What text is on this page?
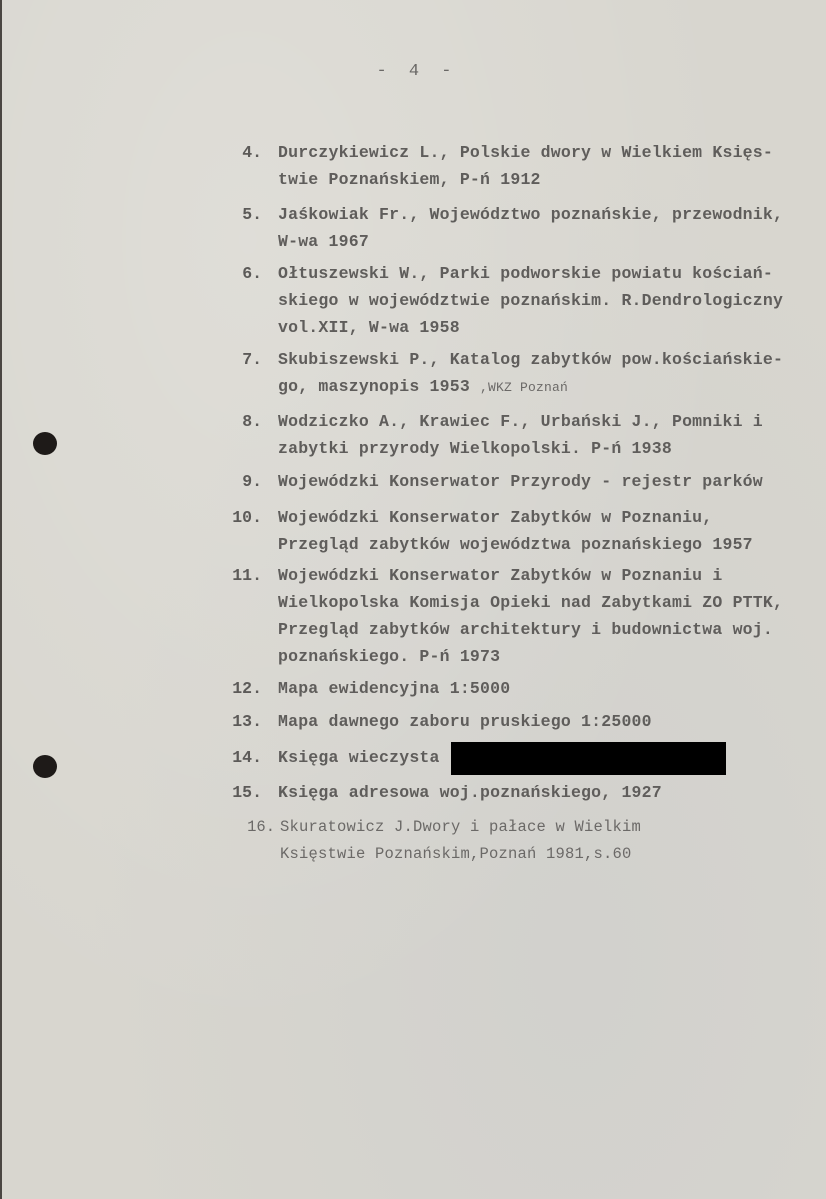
- 4 -
4. Durczykiewicz L., Polskie dwory w Wielkiem Księs-
twie Poznańskiem, P-ń 1912
5. Jaśkowiak Fr., Województwo poznańskie, przewodnik,
W-wa 1967
6. Ołtuszewski W., Parki podworskie powiatu kościań-
skiego w województwie poznańskim. R.Dendrologiczny
vol.XII, W-wa 1958
7. Skubiszewski P., Katalog zabytków pow.kościańskie-
go, maszynopis 1953 ,WKZ Poznań
8. Wodziczko A., Krawiec F., Urbański J., Pomniki i
zabytki przyrody Wielkopolski. P-ń 1938
9. Wojewódzki Konserwator Przyrody - rejestr parków
10. Wojewódzki Konserwator Zabytków w Poznaniu,
Przegląd zabytków województwa poznańskiego 1957
11. Wojewódzki Konserwator Zabytków w Poznaniu i
Wielkopolska Komisja Opieki nad Zabytkami ZO PTTK,
Przegląd zabytków architektury i budownictwa woj.
poznańskiego. P-ń 1973
12. Mapa ewidencyjna 1:5000
13. Mapa dawnego zaboru pruskiego 1:25000
14. Księga wieczysta
15. Księga adresowa woj.poznańskiego, 1927
16. Skuratowicz J.Dwory i pałace w Wielkim
Księstwie Poznańskim,Poznań 1981,s.60
